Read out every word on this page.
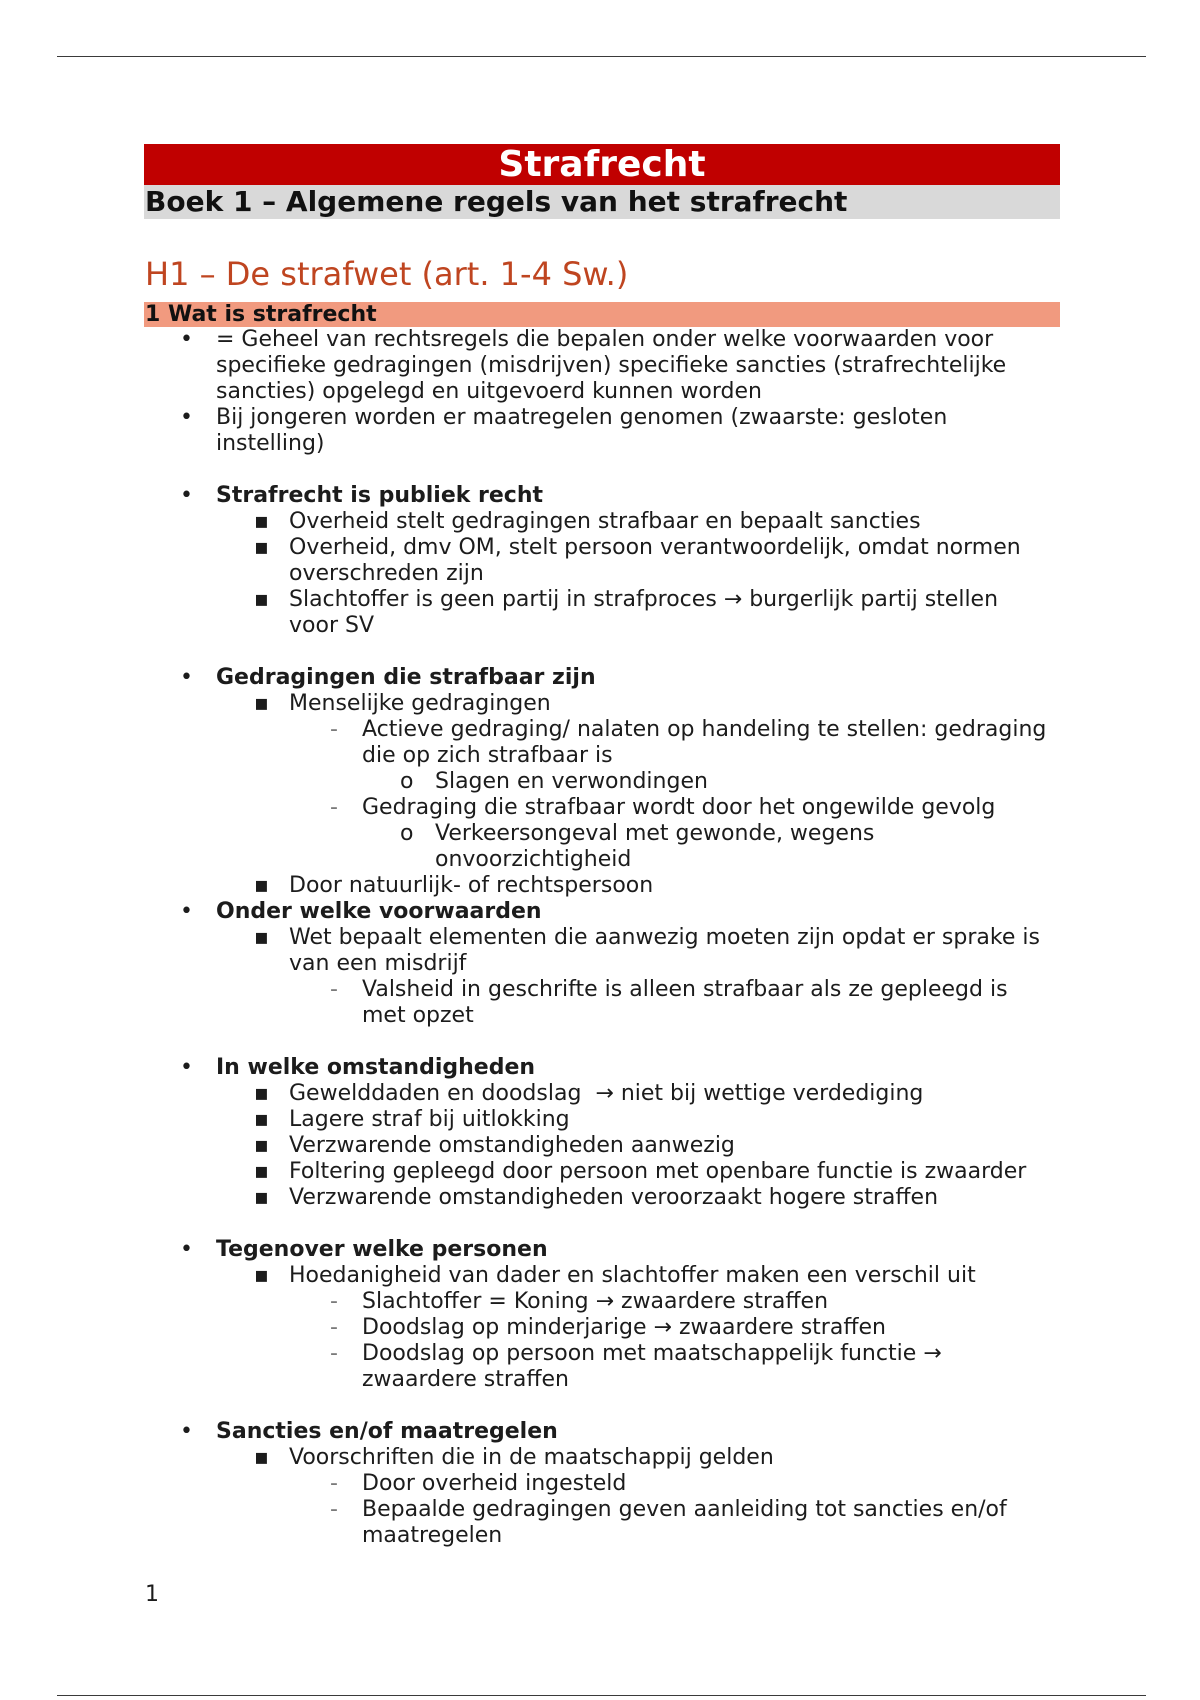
Strafrecht
Boek 1 – Algemene regels van het strafrecht
H1 – De strafwet (art. 1-4 Sw.)
1 Wat is strafrecht
•	= Geheel van rechtsregels die bepalen onder welke voorwaarden voor
specifieke gedragingen (misdrijven) specifieke sancties (strafrechtelijke
sancties) opgelegd en uitgevoerd kunnen worden
•	Bij jongeren worden er maatregelen genomen (zwaarste: gesloten
instelling)
•	Strafrecht is publiek recht
▪ Overheid stelt gedragingen strafbaar en bepaalt sancties
▪ Overheid, dmv OM, stelt persoon verantwoordelijk, omdat normen
overschreden zijn
▪ Slachtoffer is geen partij in strafproces → burgerlijk partij stellen
voor SV
•	Gedragingen die strafbaar zijn
▪ Menselijke gedragingen
-	Actieve gedraging/ nalaten op handeling te stellen: gedraging
die op zich strafbaar is
o Slagen en verwondingen
-	Gedraging die strafbaar wordt door het ongewilde gevolg
o Verkeersongeval met gewonde, wegens
onvoorzichtigheid
▪ Door natuurlijk- of rechtspersoon
•	Onder welke voorwaarden
▪ Wet bepaalt elementen die aanwezig moeten zijn opdat er sprake is
van een misdrijf
-	Valsheid in geschrifte is alleen strafbaar als ze gepleegd is
met opzet
•	In welke omstandigheden
▪ Gewelddaden en doodslag  → niet bij wettige verdediging
▪ Lagere straf bij uitlokking
▪ Verzwarende omstandigheden aanwezig
▪ Foltering gepleegd door persoon met openbare functie is zwaarder
▪ Verzwarende omstandigheden veroorzaakt hogere straffen
•	Tegenover welke personen
▪ Hoedanigheid van dader en slachtoffer maken een verschil uit
-	Slachtoffer = Koning → zwaardere straffen
-	Doodslag op minderjarige → zwaardere straffen
-	Doodslag op persoon met maatschappelijk functie →
zwaardere straffen
•	Sancties en/of maatregelen
▪ Voorschriften die in de maatschappij gelden
-	Door overheid ingesteld
-	Bepaalde gedragingen geven aanleiding tot sancties en/of
maatregelen
1
